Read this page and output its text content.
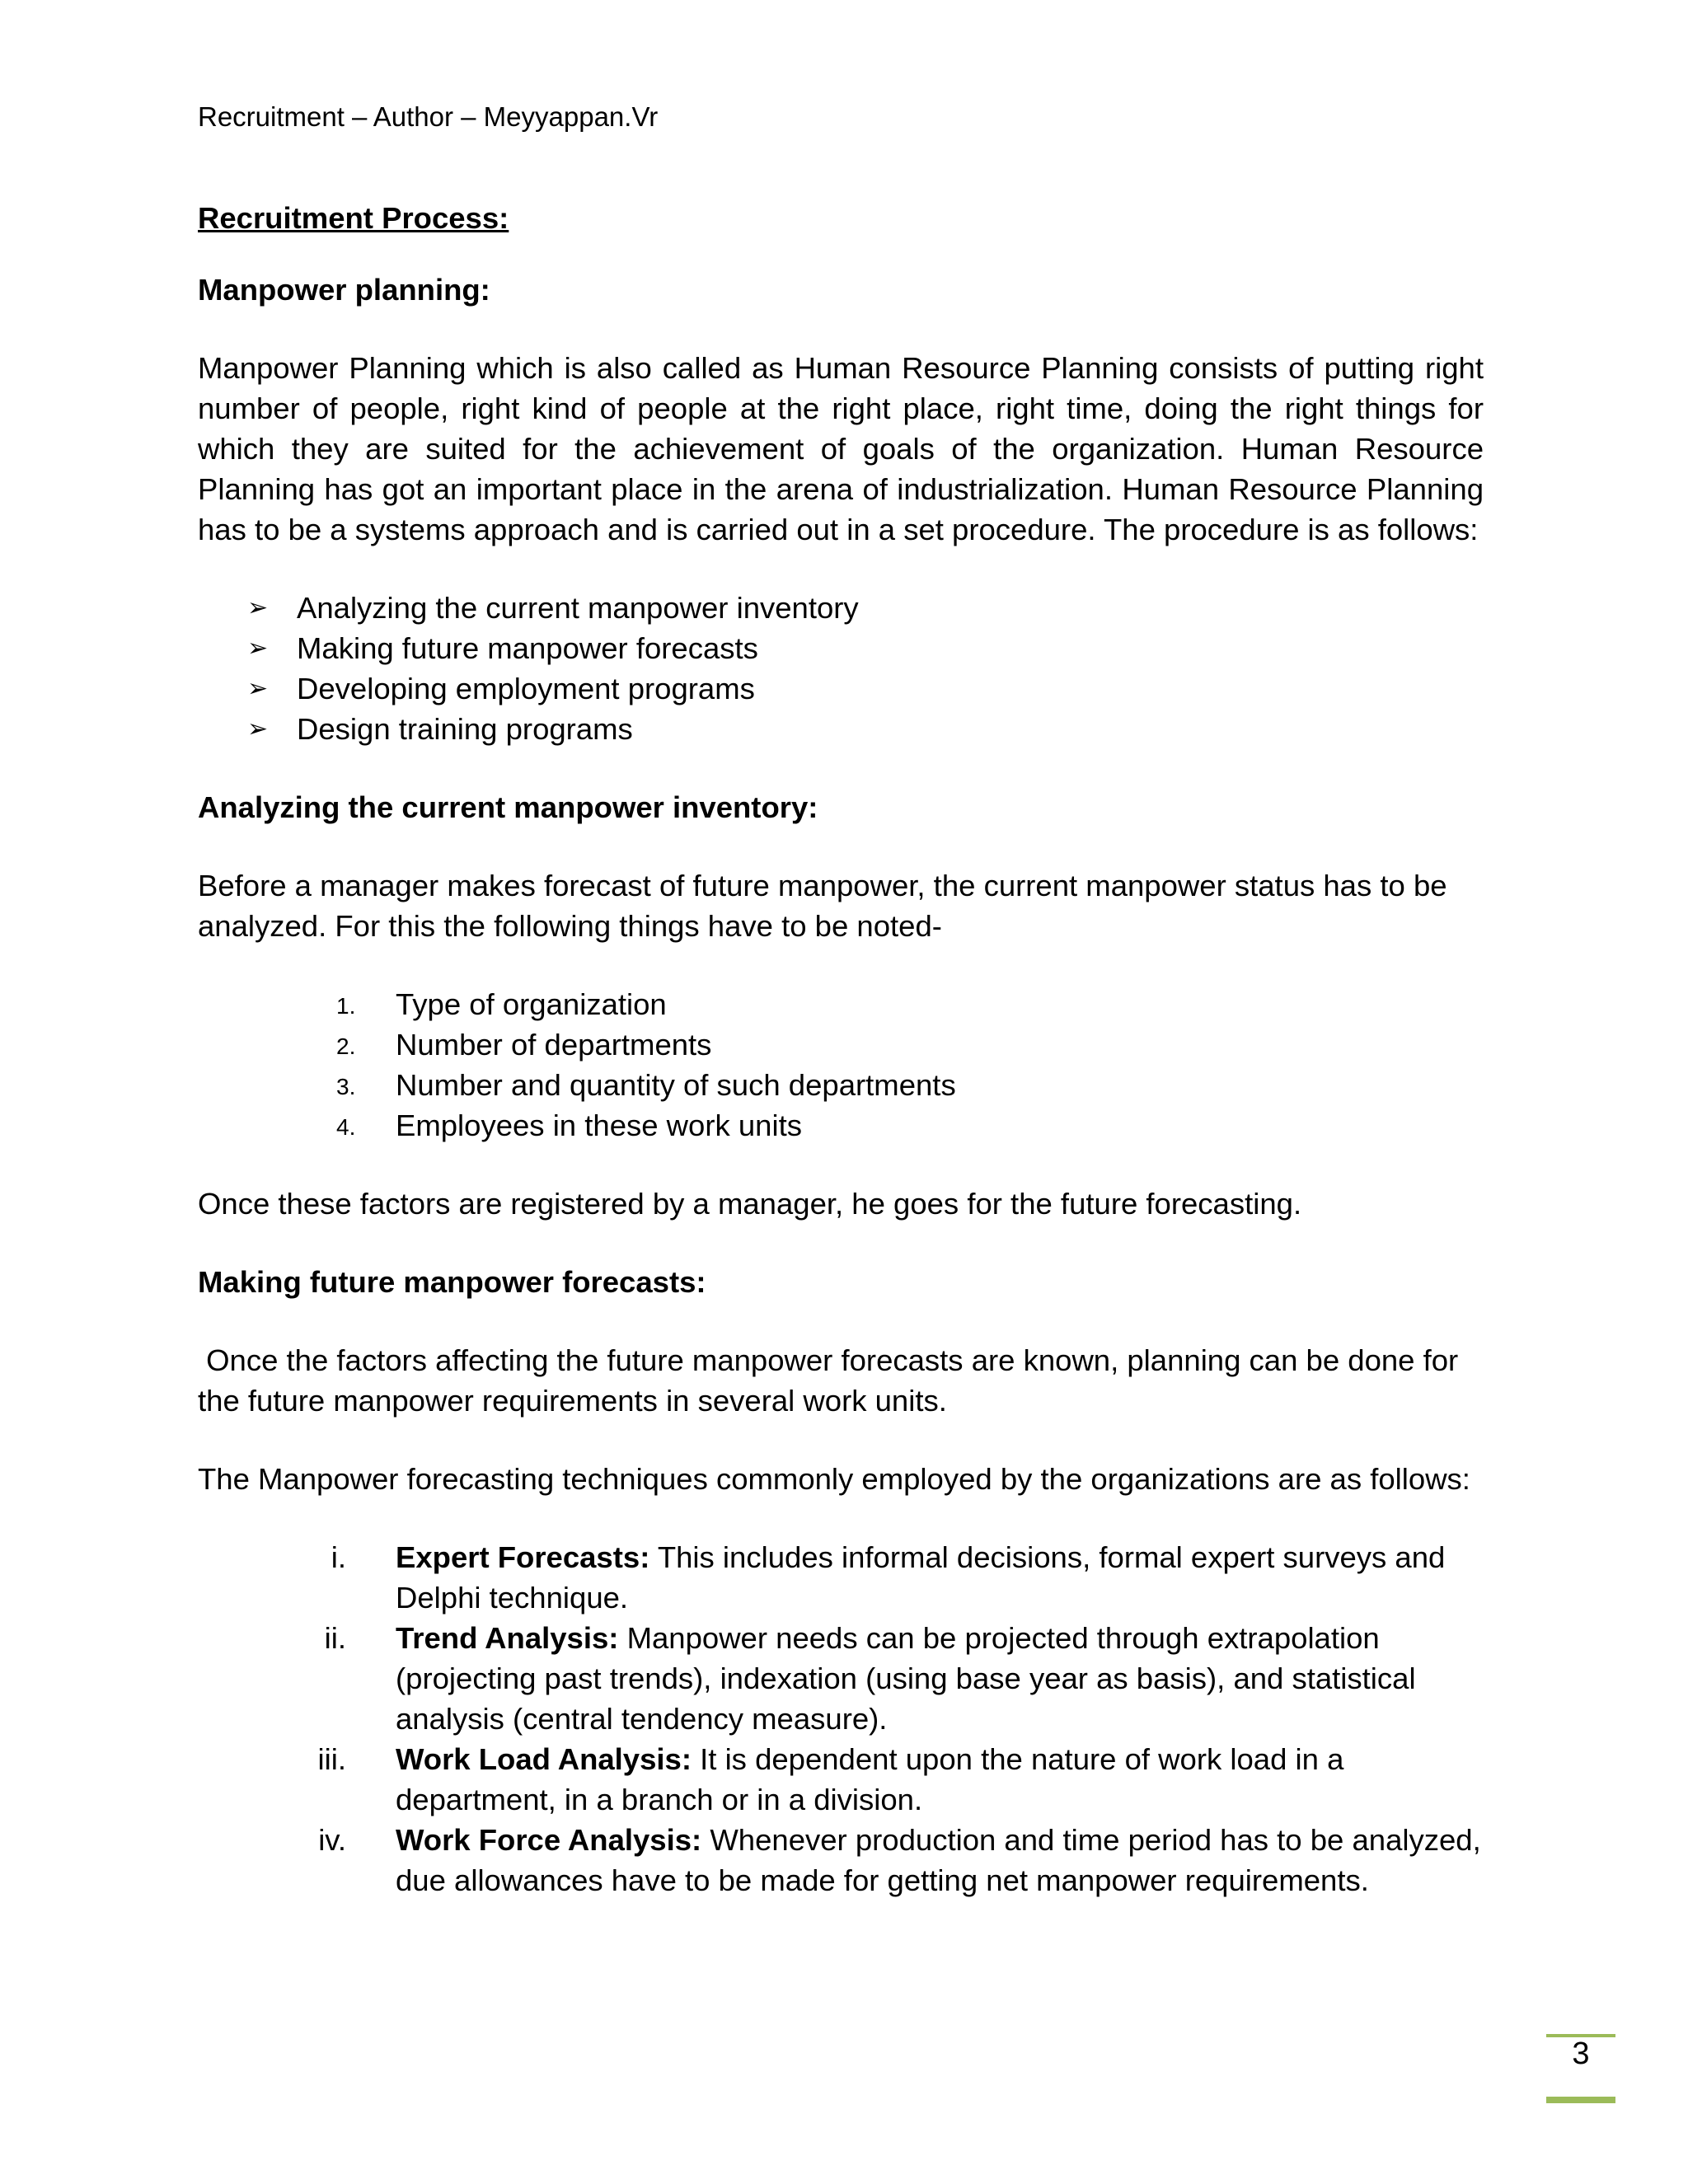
Recruitment – Author – Meyyappan.Vr

Recruitment Process:

Manpower planning:

Manpower Planning which is also called as Human Resource Planning consists of putting right number of people, right kind of people at the right place, right time, doing the right things for which they are suited for the achievement of goals of the organization. Human Resource Planning has got an important place in the arena of industrialization. Human Resource Planning has to be a systems approach and is carried out in a set procedure. The procedure is as follows:

➢ Analyzing the current manpower inventory
➢ Making future manpower forecasts
➢ Developing employment programs
➢ Design training programs

Analyzing the current manpower inventory:

Before a manager makes forecast of future manpower, the current manpower status has to be analyzed. For this the following things have to be noted-

1. Type of organization
2. Number of departments
3. Number and quantity of such departments
4. Employees in these work units

Once these factors are registered by a manager, he goes for the future forecasting.

Making future manpower forecasts:

Once the factors affecting the future manpower forecasts are known, planning can be done for the future manpower requirements in several work units.

The Manpower forecasting techniques commonly employed by the organizations are as follows:

i. Expert Forecasts: This includes informal decisions, formal expert surveys and Delphi technique.
ii. Trend Analysis: Manpower needs can be projected through extrapolation (projecting past trends), indexation (using base year as basis), and statistical analysis (central tendency measure).
iii. Work Load Analysis: It is dependent upon the nature of work load in a department, in a branch or in a division.
iv. Work Force Analysis: Whenever production and time period has to be analyzed, due allowances have to be made for getting net manpower requirements.
3
